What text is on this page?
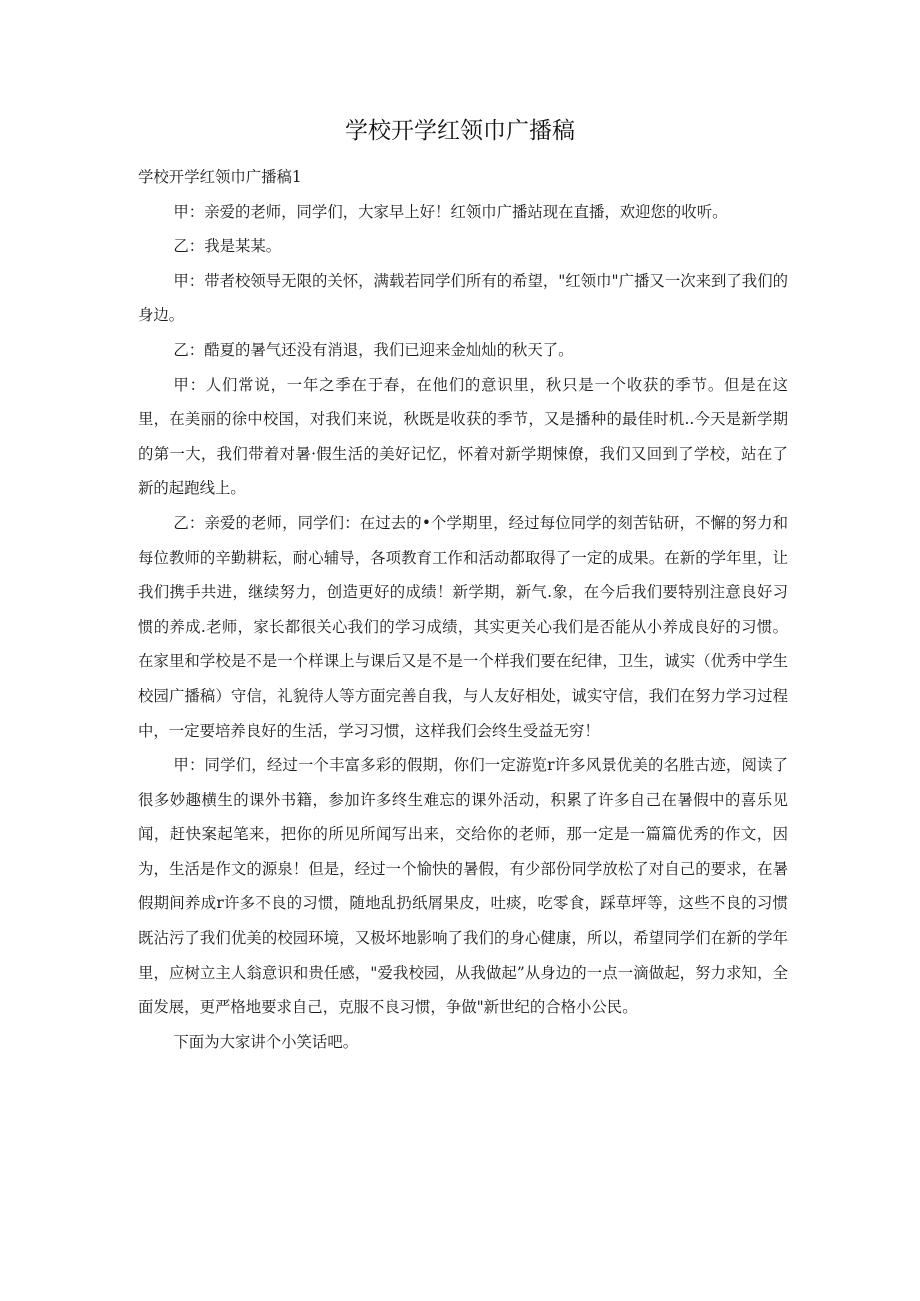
学校开学红领巾广播稿

学校开学红领巾广播稿1

甲：亲爱的老师，同学们，大家早上好！红领巾广播站现在直播，欢迎您的收听。

乙：我是某某。

甲：带者校领导无限的关怀，满载若同学们所有的希望，"红领巾"广播又一次来到了我们的身边。

乙：酷夏的暑气还没有消退，我们已迎来金灿灿的秋天了。

甲：人们常说，一年之季在于春，在他们的意识里，秋只是一个收获的季节。但是在这里，在美丽的徐中校国，对我们来说，秋既是收获的季节，又是播种的最佳时机..今天是新学期的第一大，我们带着对暑·假生活的美好记忆，怀着对新学期悚僚，我们又回到了学校，站在了新的起跑线上。

乙：亲爱的老师，同学们：在过去的•个学期里，经过每位同学的刻苦钻研，不懈的努力和每位教师的辛勤耕耘，耐心辅导，各项教育工作和活动都取得了一定的成果。在新的学年里，让我们携手共进，继续努力，创造更好的成绩！新学期，新气.象，在今后我们要特别注意良好习惯的养成.老师，家长都很关心我们的学习成绩，其实更关心我们是否能从小养成良好的习惯。在家里和学校是不是一个样课上与课后又是不是一个样我们要在纪律，卫生，诚实（优秀中学生校园广播稿）守信，礼貌待人等方面完善自我，与人友好相处，诚实守信，我们在努力学习过程中，一定要培养良好的生活，学习习惯，这样我们会终生受益无穷！

甲：同学们，经过一个丰富多彩的假期，你们一定游览r许多风景优美的名胜古迹，阅读了很多妙趣横生的课外书籍，参加许多终生难忘的课外活动，积累了许多自己在暑假中的喜乐见闻，赶快案起笔来，把你的所见所闻写出来，交给你的老师，那一定是一篇篇优秀的作文，因为，生活是作文的源泉！但是，经过一个愉快的暑假，有少部份同学放松了对自己的要求，在暑假期间养成r许多不良的习惯，随地乱扔纸屑果皮，吐痰，吃零食，踩草坪等，这些不良的习惯既沾污了我们优美的校园环境，又极坏地影响了我们的身心健康，所以，希望同学们在新的学年里，应树立主人翁意识和贵任感，"爱我校园，从我做起”从身边的一点一滴做起，努力求知，全面发展，更严格地要求自己，克服不良习惯，争做"新世纪的合格小公民。

下面为大家讲个小笑话吧。
